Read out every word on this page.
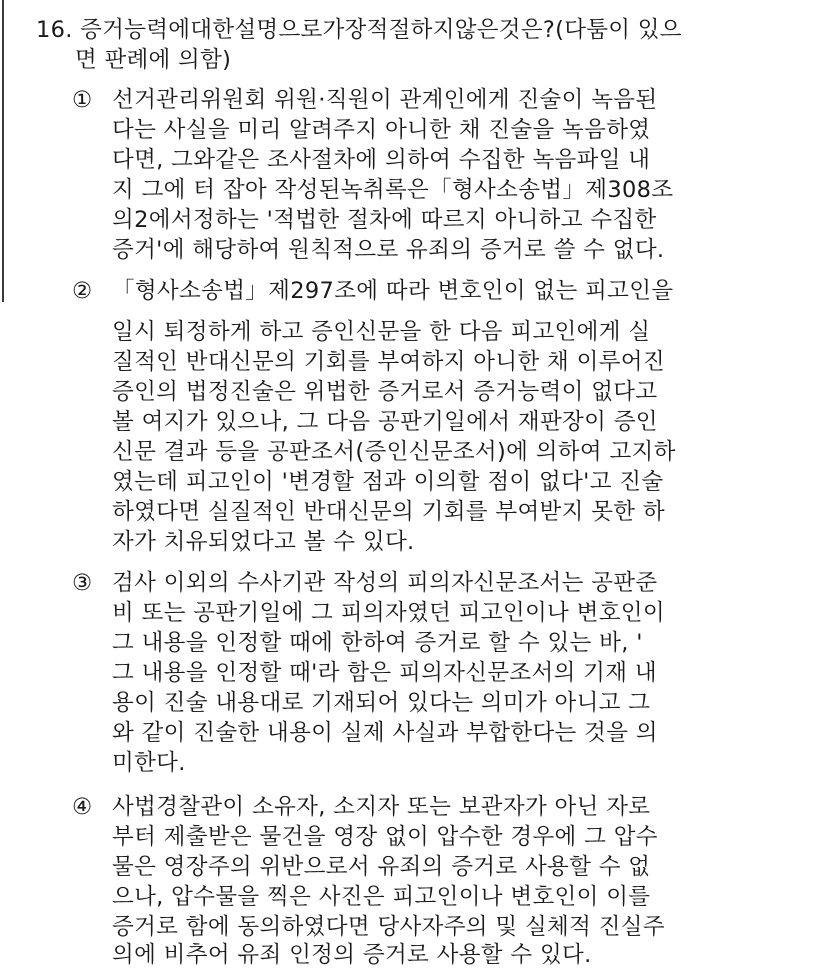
16. 증거능력에대한설명으로가장적절하지않은것은?(다툼이 있으
면 판례에 의함)
① 선거관리위원회 위원·직원이 관계인에게 진술이 녹음된
다는 사실을 미리 알려주지 아니한 채 진술을 녹음하였
다면, 그와같은 조사절차에 의하여 수집한 녹음파일 내
지 그에 터 잡아 작성된녹취록은「형사소송법」제308조
의2에서정하는 '적법한 절차에 따르지 아니하고 수집한
증거'에 해당하여 원칙적으로 유죄의 증거로 쓸 수 없다.
② 「형사소송법」제297조에 따라 변호인이 없는 피고인을
일시 퇴정하게 하고 증인신문을 한 다음 피고인에게 실
질적인 반대신문의 기회를 부여하지 아니한 채 이루어진
증인의 법정진술은 위법한 증거로서 증거능력이 없다고
볼 여지가 있으나, 그 다음 공판기일에서 재판장이 증인
신문 결과 등을 공판조서(증인신문조서)에 의하여 고지하
였는데 피고인이 '변경할 점과 이의할 점이 없다'고 진술
하였다면 실질적인 반대신문의 기회를 부여받지 못한 하
자가 치유되었다고 볼 수 있다.
③ 검사 이외의 수사기관 작성의 피의자신문조서는 공판준
비 또는 공판기일에 그 피의자였던 피고인이나 변호인이
그 내용을 인정할 때에 한하여 증거로 할 수 있는 바, '
그 내용을 인정할 때'라 함은 피의자신문조서의 기재 내
용이 진술 내용대로 기재되어 있다는 의미가 아니고 그
와 같이 진술한 내용이 실제 사실과 부합한다는 것을 의
미한다.
④ 사법경찰관이 소유자, 소지자 또는 보관자가 아닌 자로
부터 제출받은 물건을 영장 없이 압수한 경우에 그 압수
물은 영장주의 위반으로서 유죄의 증거로 사용할 수 없
으나, 압수물을 찍은 사진은 피고인이나 변호인이 이를
증거로 함에 동의하였다면 당사자주의 및 실체적 진실주
의에 비추어 유죄 인정의 증거로 사용할 수 있다.
